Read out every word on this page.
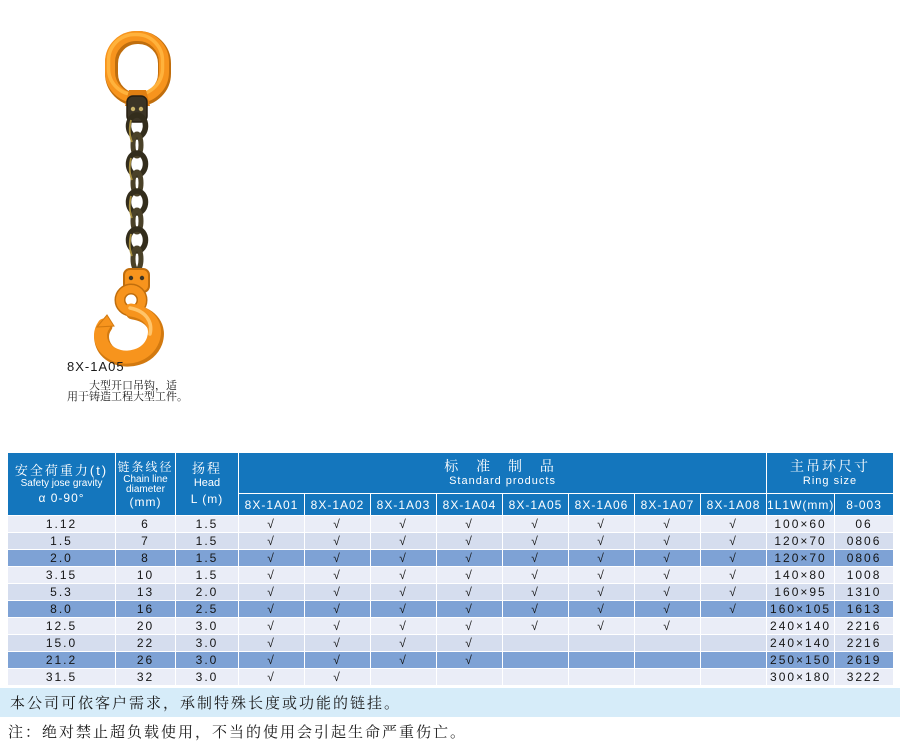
8X-1A05
大型开口吊钩，适
用于铸造工程大型工件。
安全荷重力(t)
Safety jose gravity
α 0-90°

链条线径
Chain line
diameter
(mm)

扬程
Head
L (m)

标 准 制 品
Standard products

主吊环尺寸
Ring size

			8X-1A01	8X-1A02	8X-1A03	8X-1A04	8X-1A05	8X-1A06	8X-1A07	8X-1A08	1L1W(mm)	8-003
1.12	6	1.5	√	√	√	√	√	√	√	√	100×60	06
1.5	7	1.5	√	√	√	√	√	√	√	√	120×70	0806
2.0	8	1.5	√	√	√	√	√	√	√	√	120×70	0806
3.15	10	1.5	√	√	√	√	√	√	√	√	140×80	1008
5.3	13	2.0	√	√	√	√	√	√	√	√	160×95	1310
8.0	16	2.5	√	√	√	√	√	√	√	√	160×105	1613
12.5	20	3.0	√	√	√	√	√	√	√		240×140	2216
15.0	22	3.0	√	√	√	√					240×140	2216
21.2	26	3.0	√	√	√	√					250×150	2619
31.5	32	3.0	√	√							300×180	3222
本公司可依客户需求，承制特殊长度或功能的链挂。
注：绝对禁止超负载使用，不当的使用会引起生命严重伤亡。
